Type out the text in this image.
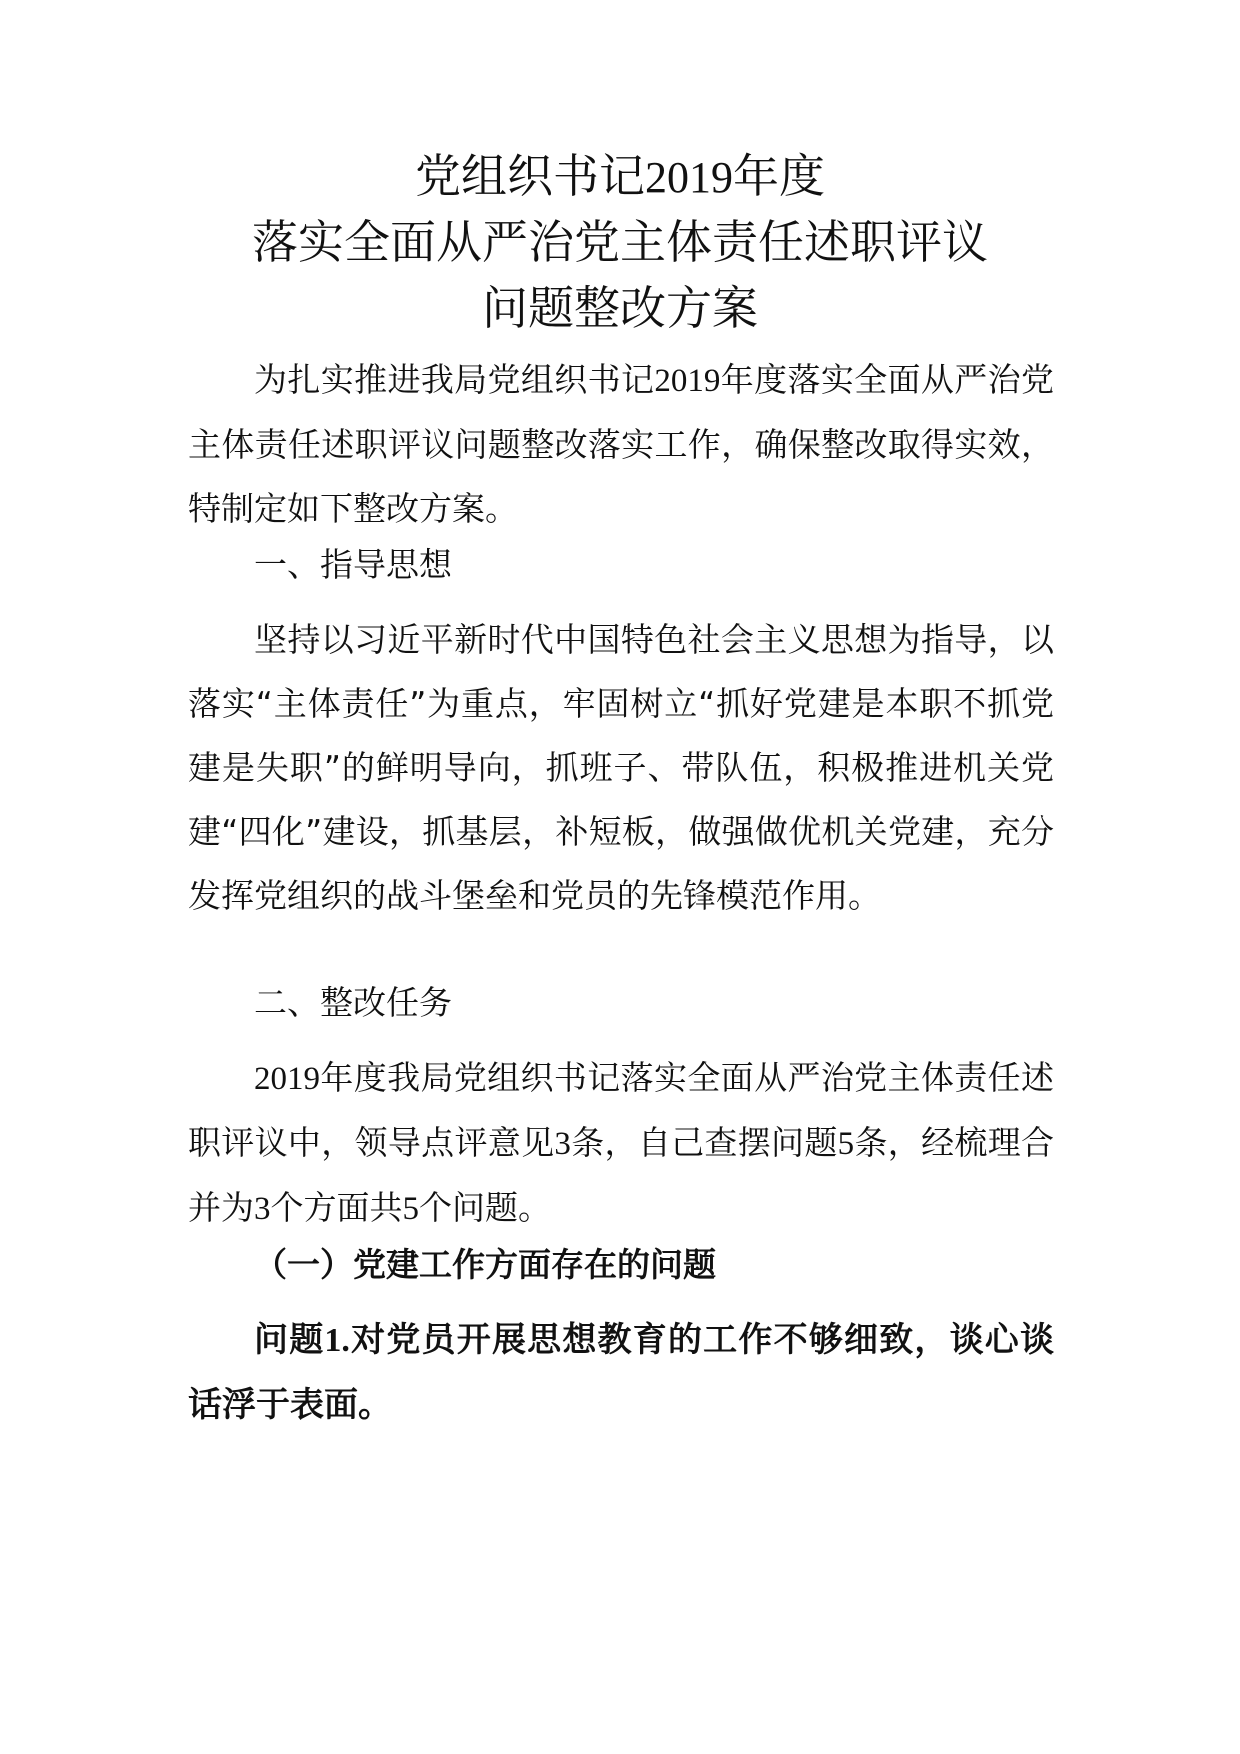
党组织书记2019年度
落实全面从严治党主体责任述职评议
问题整改方案

为扎实推进我局党组织书记2019年度落实全面从严治党主体责任述职评议问题整改落实工作，确保整改取得实效，特制定如下整改方案。

一、指导思想

坚持以习近平新时代中国特色社会主义思想为指导，以落实“主体责任”为重点，牢固树立“抓好党建是本职不抓党建是失职”的鲜明导向，抓班子、带队伍，积极推进机关党建“四化”建设，抓基层，补短板，做强做优机关党建，充分发挥党组织的战斗堡垒和党员的先锋模范作用。

二、整改任务

2019年度我局党组织书记落实全面从严治党主体责任述职评议中，领导点评意见3条，自己查摆问题5条，经梳理合并为3个方面共5个问题。

（一）党建工作方面存在的问题

问题1.对党员开展思想教育的工作不够细致，谈心谈话浮于表面。
